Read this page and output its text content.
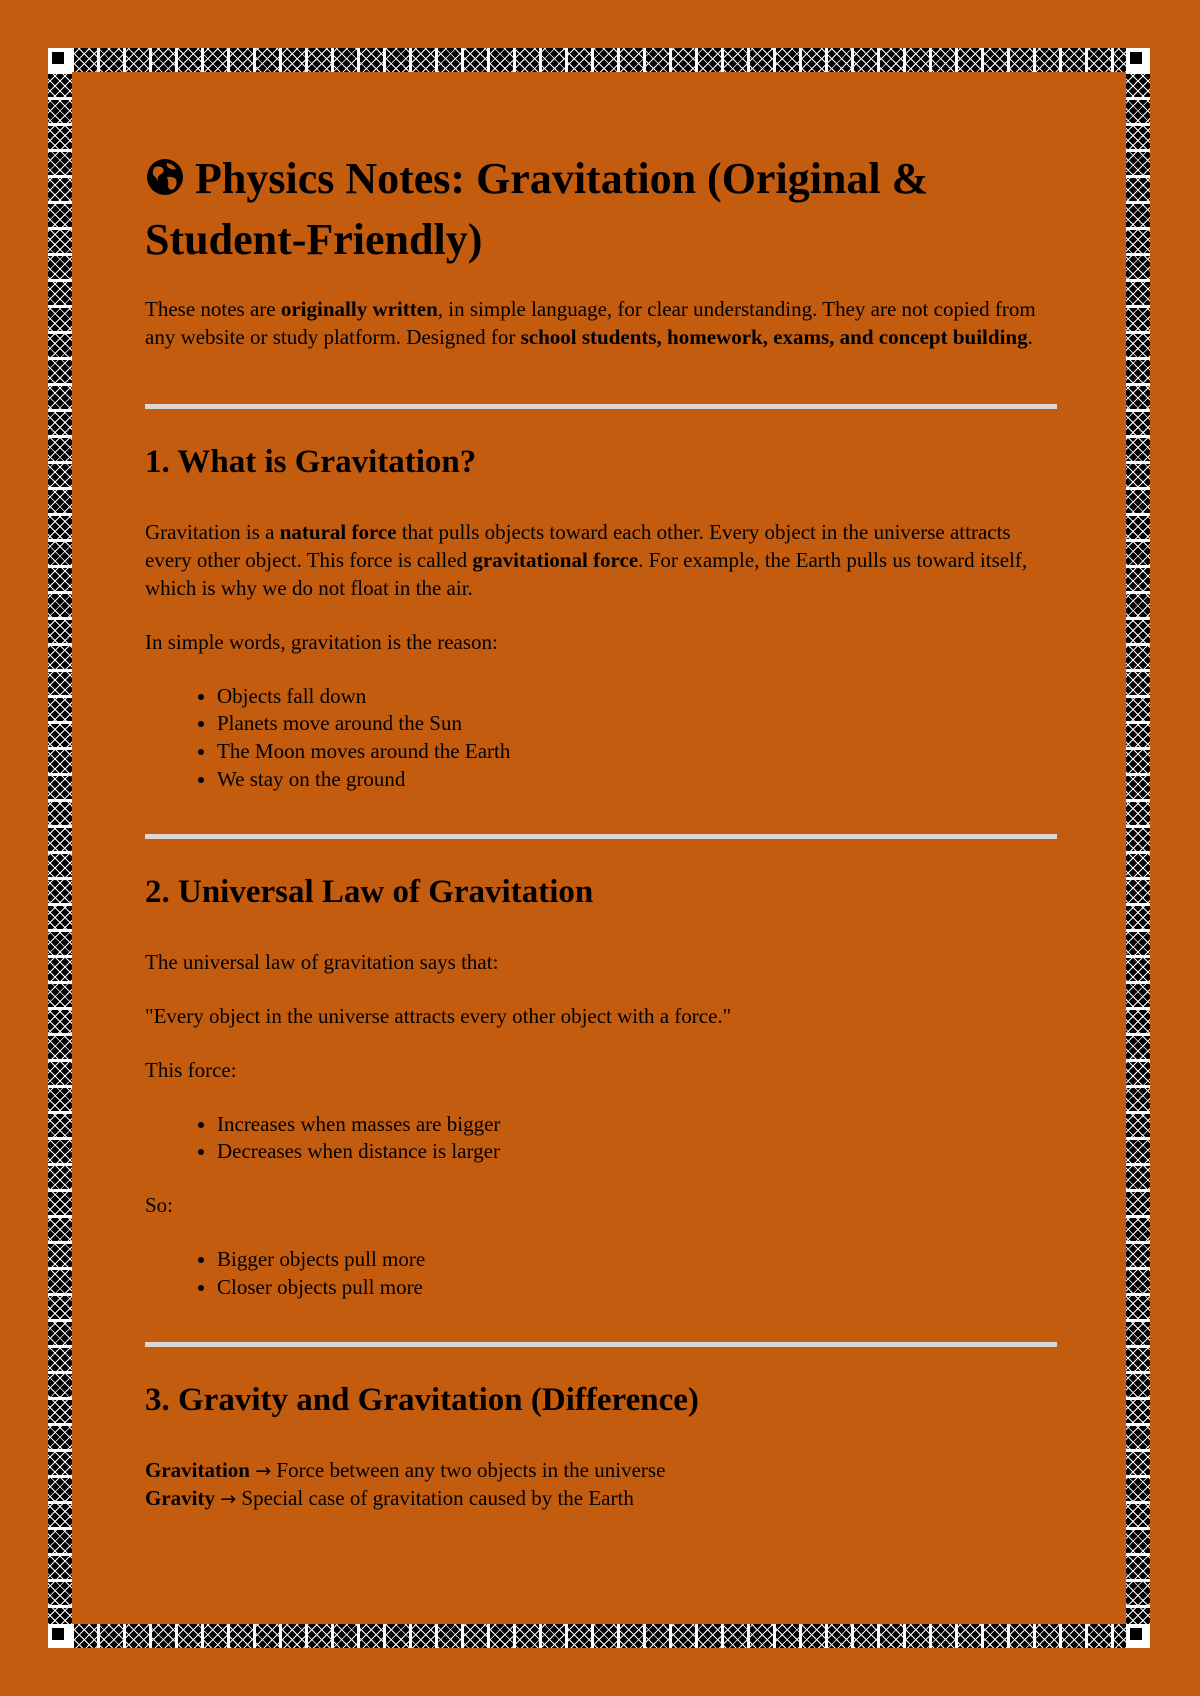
Physics Notes: Gravitation (Original & Student-Friendly)

These notes are originally written, in simple language, for clear understanding. They are not copied from any website or study platform. Designed for school students, homework, exams, and concept building.

1. What is Gravitation?

Gravitation is a natural force that pulls objects toward each other. Every object in the universe attracts every other object. This force is called gravitational force. For example, the Earth pulls us toward itself, which is why we do not float in the air.

In simple words, gravitation is the reason:

• Objects fall down
• Planets move around the Sun
• The Moon moves around the Earth
• We stay on the ground
2. Universal Law of Gravitation

The universal law of gravitation says that:

"Every object in the universe attracts every other object with a force."

This force:

• Increases when masses are bigger
• Decreases when distance is larger

So:

• Bigger objects pull more
• Closer objects pull more
3. Gravity and Gravitation (Difference)

Gravitation → Force between any two objects in the universe
Gravity → Special case of gravitation caused by the Earth
